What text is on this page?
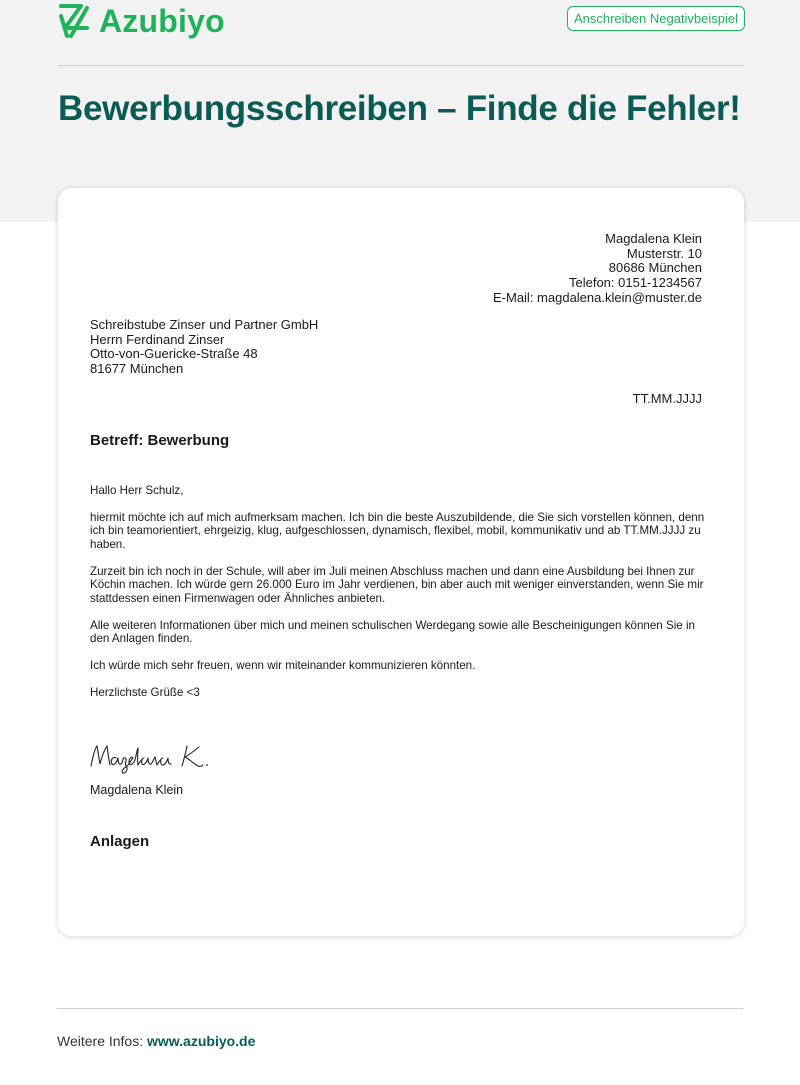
Azubiyo	Anschreiben Negativbeispiel
Bewerbungsschreiben – Finde die Fehler!
Magdalena Klein
Musterstr. 10
80686 München
Telefon: 0151-1234567
E-Mail: magdalena.klein@muster.de
Schreibstube Zinser und Partner GmbH
Herrn Ferdinand Zinser
Otto-von-Guericke-Straße 48
81677 München
TT.MM.JJJJ
Betreff: Bewerbung

Hallo Herr Schulz,

hiermit möchte ich auf mich aufmerksam machen. Ich bin die beste Auszubildende, die Sie sich vorstellen können, denn ich bin teamorientiert, ehrgeizig, klug, aufgeschlossen, dynamisch, flexibel, mobil, kommunikativ und ab TT.MM.JJJJ zu haben.

Zurzeit bin ich noch in der Schule, will aber im Juli meinen Abschluss machen und dann eine Ausbildung bei Ihnen zur Köchin machen. Ich würde gern 26.000 Euro im Jahr verdienen, bin aber auch mit weniger einverstanden, wenn Sie mir stattdessen einen Firmenwagen oder Ähnliches anbieten.

Alle weiteren Informationen über mich und meinen schulischen Werdegang sowie alle Bescheinigungen können Sie in den Anlagen finden.

Ich würde mich sehr freuen, wenn wir miteinander kommunizieren könnten.

Herzlichste Grüße <3

Magdalena Klein
Anlagen
Weitere Infos: www.azubiyo.de
